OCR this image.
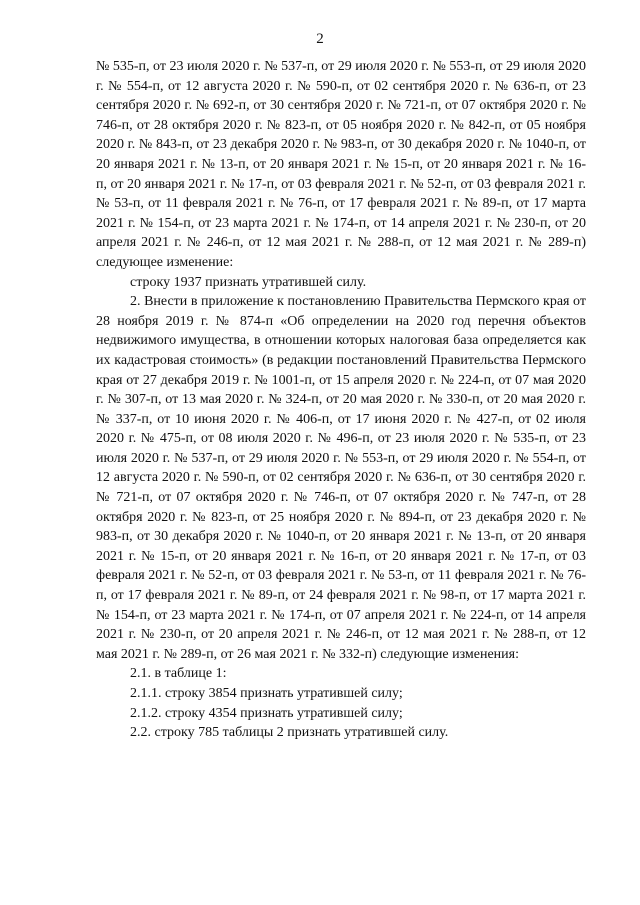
2

№ 535-п, от 23 июля 2020 г. № 537-п, от 29 июля 2020 г. № 553-п, от 29 июля 2020 г. № 554-п, от 12 августа 2020 г. № 590-п, от 02 сентября 2020 г. № 636-п, от 23 сентября 2020 г. № 692-п, от 30 сентября 2020 г. № 721-п, от 07 октября 2020 г. № 746-п, от 28 октября 2020 г. № 823-п, от 05 ноября 2020 г. № 842-п, от 05 ноября 2020 г. № 843-п, от 23 декабря 2020 г. № 983-п, от 30 декабря 2020 г. № 1040-п, от 20 января 2021 г. № 13-п, от 20 января 2021 г. № 15-п, от 20 января 2021 г. № 16-п, от 20 января 2021 г. № 17-п, от 03 февраля 2021 г. № 52-п, от 03 февраля 2021 г. № 53-п, от 11 февраля 2021 г. № 76-п, от 17 февраля 2021 г. № 89-п, от 17 марта 2021 г. № 154-п, от 23 марта 2021 г. № 174-п, от 14 апреля 2021 г. № 230-п, от 20 апреля 2021 г. № 246-п, от 12 мая 2021 г. № 288-п, от 12 мая 2021 г. № 289-п) следующее изменение:

строку 1937 признать утратившей силу.

2. Внести в приложение к постановлению Правительства Пермского края от 28 ноября 2019 г. № 874-п «Об определении на 2020 год перечня объектов недвижимого имущества, в отношении которых налоговая база определяется как их кадастровая стоимость» (в редакции постановлений Правительства Пермского края от 27 декабря 2019 г. № 1001-п, от 15 апреля 2020 г. № 224-п, от 07 мая 2020 г. № 307-п, от 13 мая 2020 г. № 324-п, от 20 мая 2020 г. № 330-п, от 20 мая 2020 г. № 337-п, от 10 июня 2020 г. № 406-п, от 17 июня 2020 г. № 427-п, от 02 июля 2020 г. № 475-п, от 08 июля 2020 г. № 496-п, от 23 июля 2020 г. № 535-п, от 23 июля 2020 г. № 537-п, от 29 июля 2020 г. № 553-п, от 29 июля 2020 г. № 554-п, от 12 августа 2020 г. № 590-п, от 02 сентября 2020 г. № 636-п, от 30 сентября 2020 г. № 721-п, от 07 октября 2020 г. № 746-п, от 07 октября 2020 г. № 747-п, от 28 октября 2020 г. № 823-п, от 25 ноября 2020 г. № 894-п, от 23 декабря 2020 г. № 983-п, от 30 декабря 2020 г. № 1040-п, от 20 января 2021 г. № 13-п, от 20 января 2021 г. № 15-п, от 20 января 2021 г. № 16-п, от 20 января 2021 г. № 17-п, от 03 февраля 2021 г. № 52-п, от 03 февраля 2021 г. № 53-п, от 11 февраля 2021 г. № 76-п, от 17 февраля 2021 г. № 89-п, от 24 февраля 2021 г. № 98-п, от 17 марта 2021 г. № 154-п, от 23 марта 2021 г. № 174-п, от 07 апреля 2021 г. № 224-п, от 14 апреля 2021 г. № 230-п, от 20 апреля 2021 г. № 246-п, от 12 мая 2021 г. № 288-п, от 12 мая 2021 г. № 289-п, от 26 мая 2021 г. № 332-п) следующие изменения:

2.1. в таблице 1:

2.1.1. строку 3854 признать утратившей силу;

2.1.2. строку 4354 признать утратившей силу;

2.2. строку 785 таблицы 2 признать утратившей силу.
